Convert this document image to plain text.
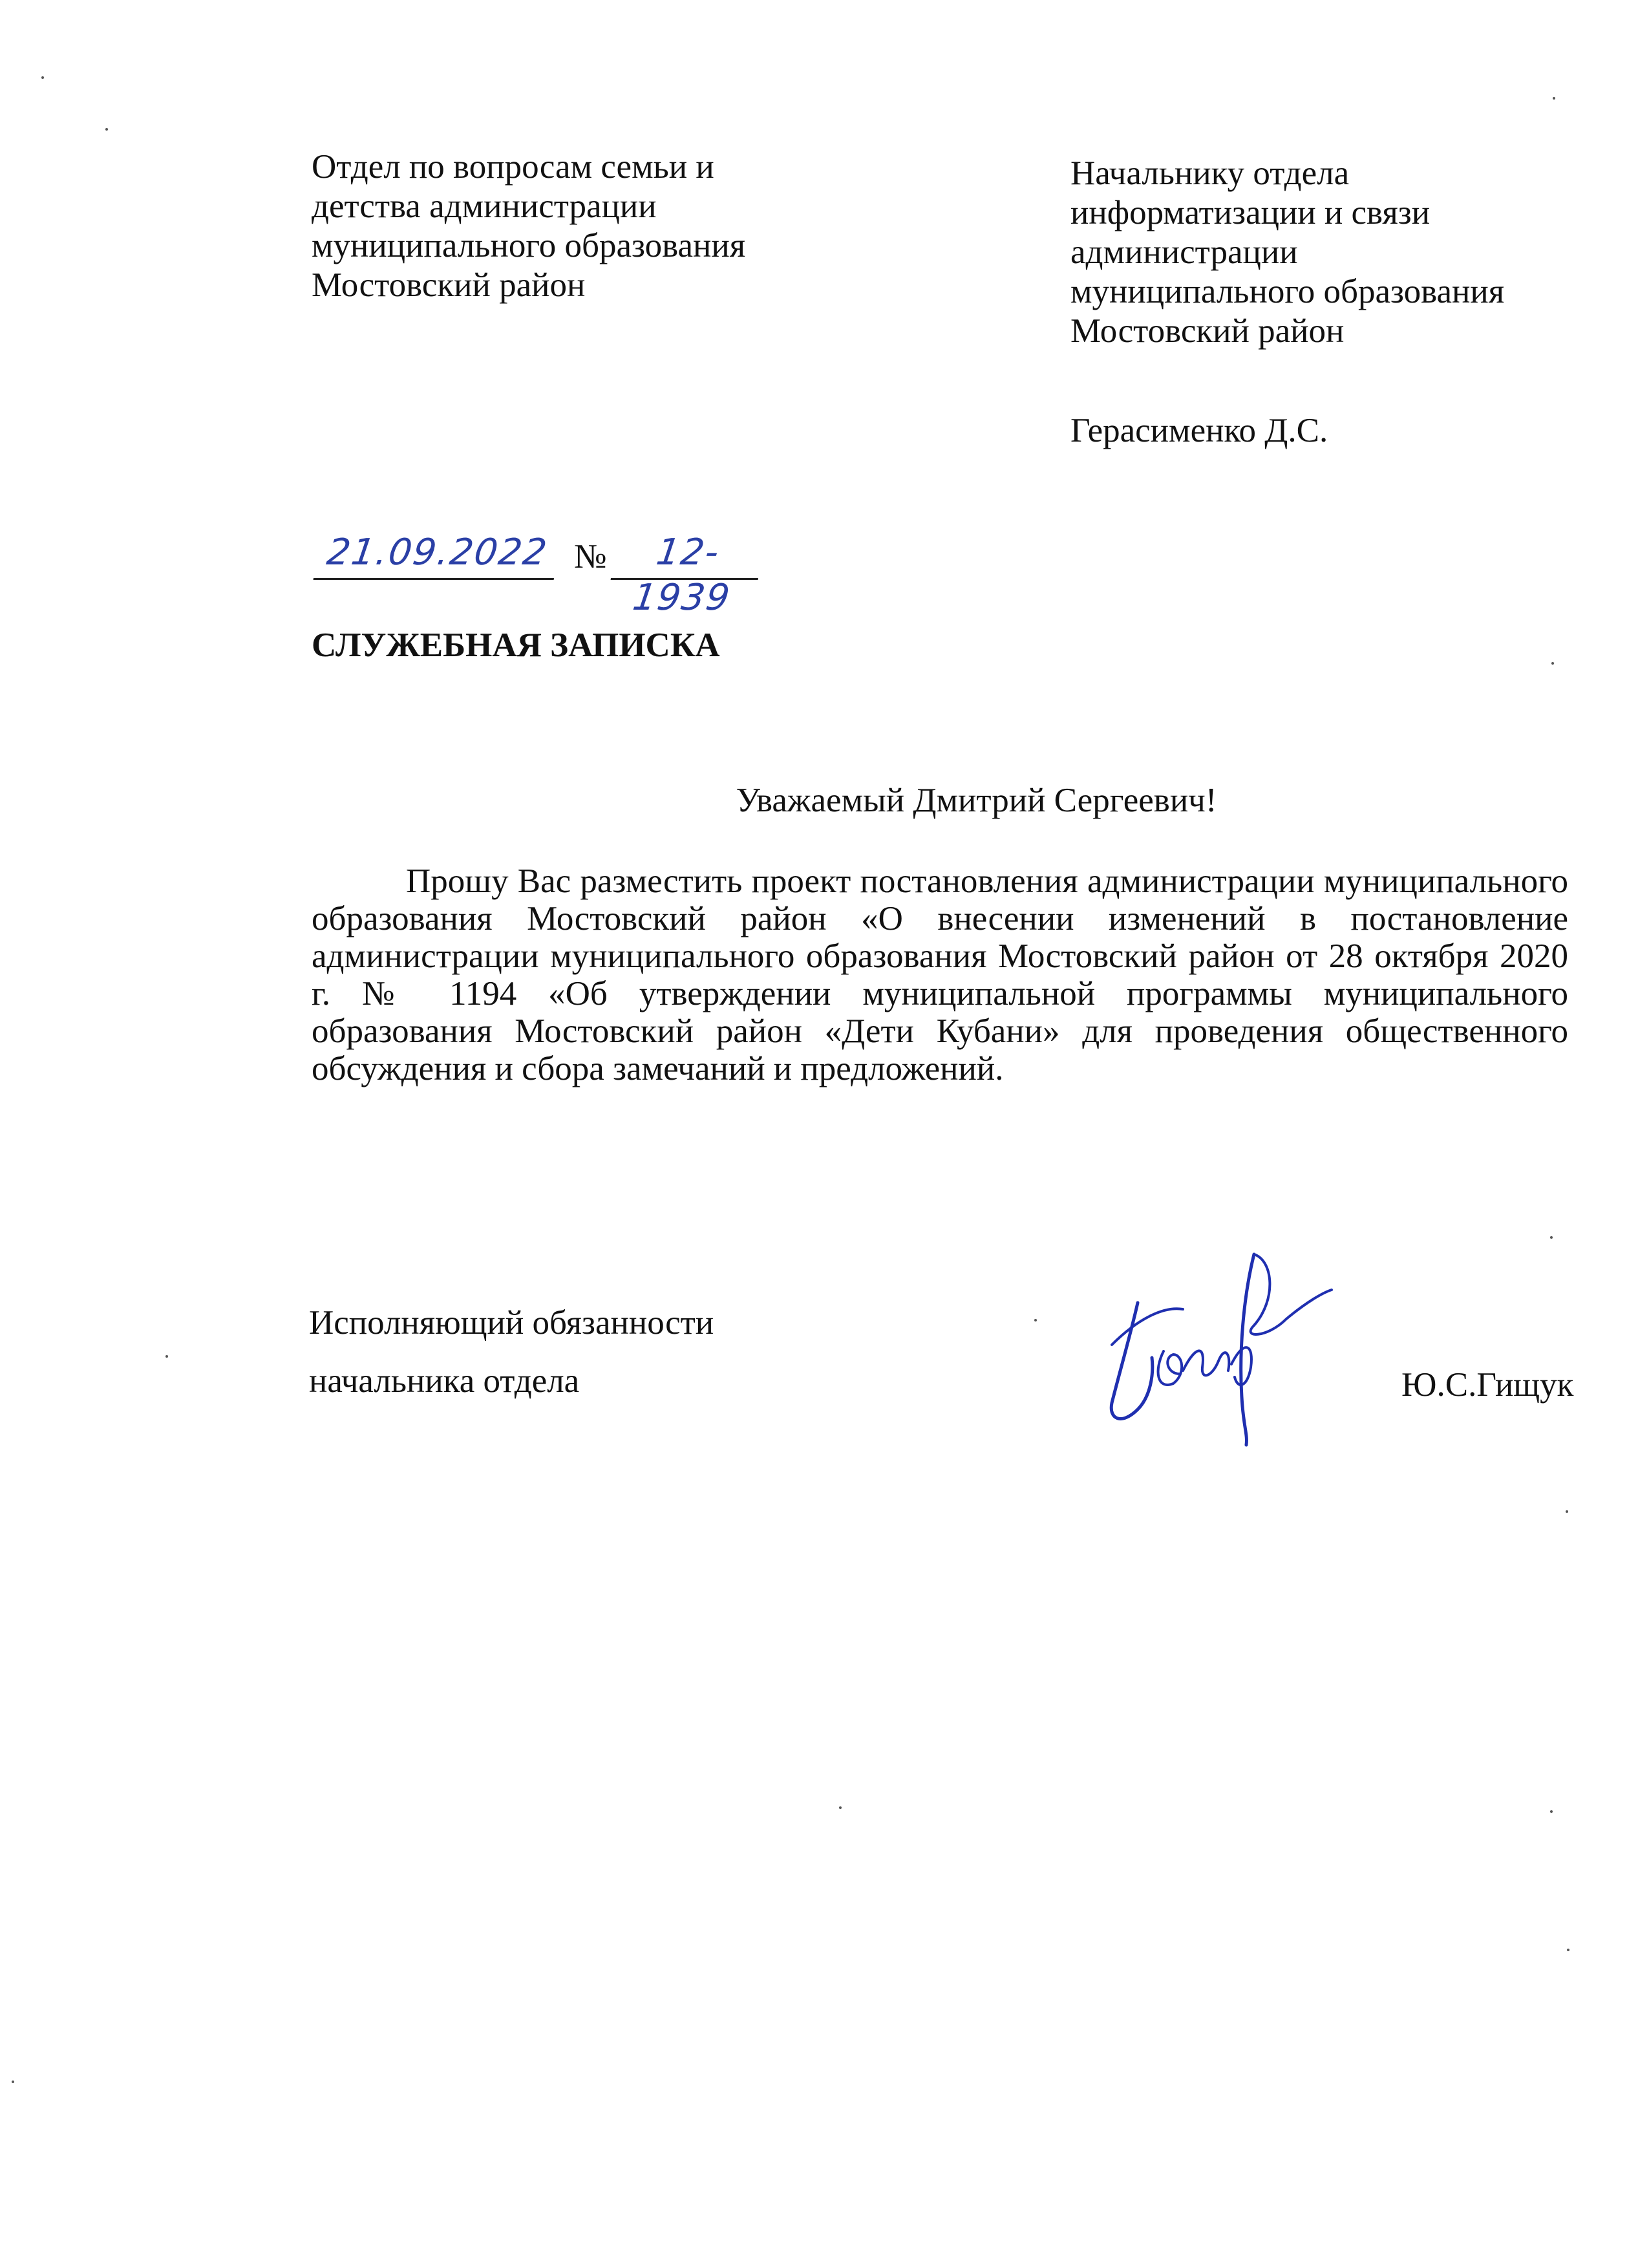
Отдел по вопросам семьи и
детства администрации
муниципального образования
Мостовский район
Начальнику отдела
информатизации и связи
администрации
муниципального образования
Мостовский район
Герасименко Д.С.
21.09.2022 №	12-1939
СЛУЖЕБНАЯ ЗАПИСКА
Уважаемый Дмитрий Сергеевич!
Прошу Вас разместить проект постановления администрации муниципального образования Мостовский район «О внесении изменений в постановление администрации муниципального образования Мостовский район от 28 октября 2020 г. № 1194 «Об утверждении муниципальной программы муниципального образования Мостовский район «Дети Кубани» для проведения общественного обсуждения и сбора замечаний и предложений.
Исполняющий обязанности
начальника отдела	Ю.С.Гищук
